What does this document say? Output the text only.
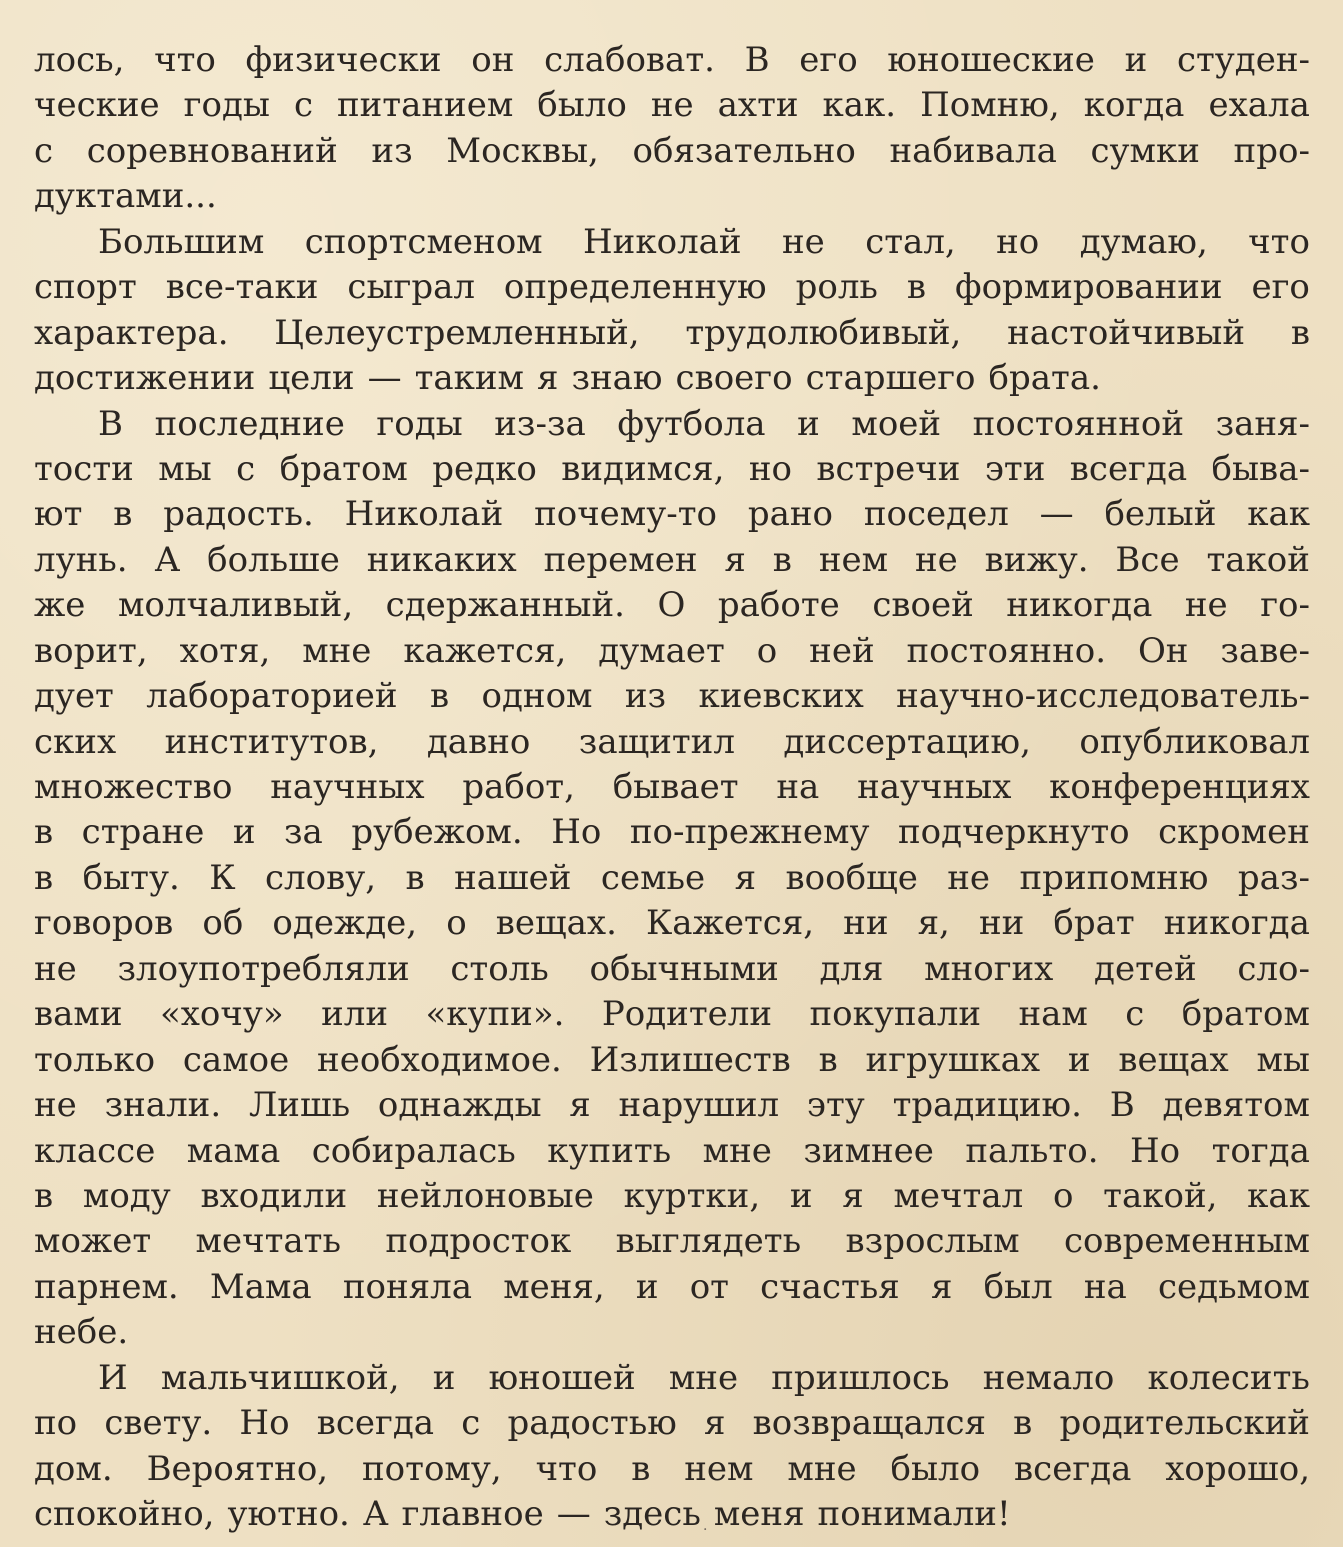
лось, что физически он слабоват. В его юношеские и студен-
ческие годы с питанием было не ахти как. Помню, когда ехала
с соревнований из Москвы, обязательно набивала сумки про-
дуктами...
Большим спортсменом Николай не стал, но думаю, что
спорт все-таки сыграл определенную роль в формировании его
характера. Целеустремленный, трудолюбивый, настойчивый в
достижении цели — таким я знаю своего старшего брата.
В последние годы из-за футбола и моей постоянной заня-
тости мы с братом редко видимся, но встречи эти всегда быва-
ют в радость. Николай почему-то рано поседел — белый как
лунь. А больше никаких перемен я в нем не вижу. Все такой
же молчаливый, сдержанный. О работе своей никогда не го-
ворит, хотя, мне кажется, думает о ней постоянно. Он заве-
дует лабораторией в одном из киевских научно-исследователь-
ских институтов, давно защитил диссертацию, опубликовал
множество научных работ, бывает на научных конференциях
в стране и за рубежом. Но по-прежнему подчеркнуто скромен
в быту. К слову, в нашей семье я вообще не припомню раз-
говоров об одежде, о вещах. Кажется, ни я, ни брат никогда
не злоупотребляли столь обычными для многих детей сло-
вами «хочу» или «купи». Родители покупали нам с братом
только самое необходимое. Излишеств в игрушках и вещах мы
не знали. Лишь однажды я нарушил эту традицию. В девятом
классе мама собиралась купить мне зимнее пальто. Но тогда
в моду входили нейлоновые куртки, и я мечтал о такой, как
может мечтать подросток выглядеть взрослым современным
парнем. Мама поняла меня, и от счастья я был на седьмом
небе.
И мальчишкой, и юношей мне пришлось немало колесить
по свету. Но всегда с радостью я возвращался в родительский
дом. Вероятно, потому, что в нем мне было всегда хорошо,
спокойно, уютно. А главное — здесь меня понимали!
·
